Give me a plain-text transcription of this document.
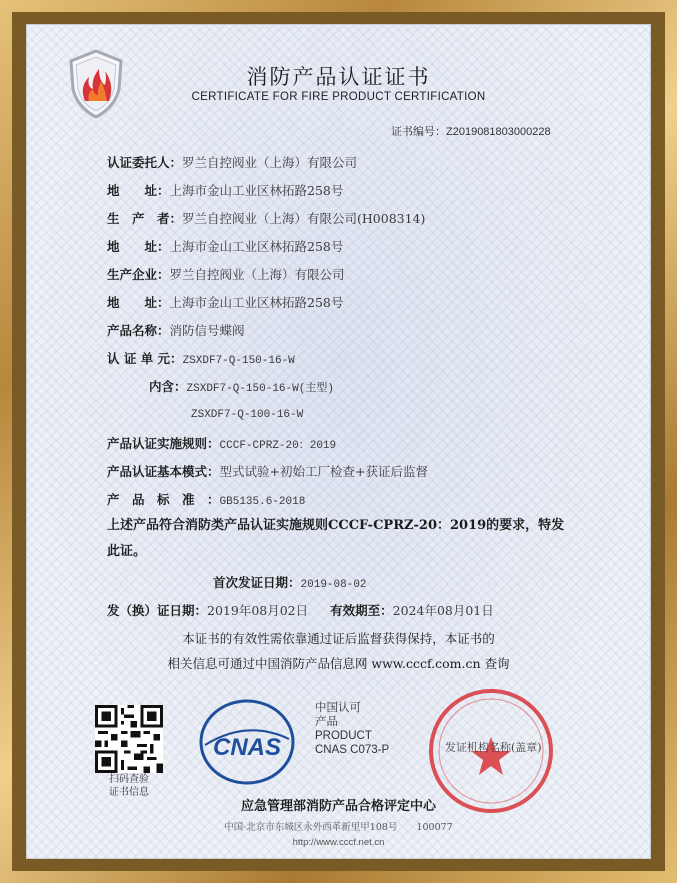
消防产品认证证书
CERTIFICATE FOR FIRE PRODUCT CERTIFICATION
证书编号：Z2019081803000228
认证委托人：罗兰自控阀业（上海）有限公司
地　　址：上海市金山工业区林拓路258号
生　产　者：罗兰自控阀业（上海）有限公司(H008314)
地　　址：上海市金山工业区林拓路258号
生产企业：罗兰自控阀业（上海）有限公司
地　　址：上海市金山工业区林拓路258号
产品名称：消防信号蝶阀
认 证 单 元：ZSXDF7-Q-150-16-W
内含：ZSXDF7-Q-150-16-W(主型)
ZSXDF7-Q-100-16-W
产品认证实施规则：CCCF-CPRZ-20：2019
产品认证基本模式：型式试验+初始工厂检查+获证后监督
产　品　标　准　：GB5135.6-2018
上述产品符合消防类产品认证实施规则CCCF-CPRZ-20：2019的要求，特发此证。
首次发证日期：2019-08-02
发（换）证日期：2019年08月02日 有效期至：2024年08月01日
本证书的有效性需依靠通过证后监督获得保持，本证书的
相关信息可通过中国消防产品信息网 www.cccf.com.cn 查询
扫码查验
证书信息
CNAS
中国认可
产品
PRODUCT
CNAS C073-P	发证机构名称(盖章)
应急管理部消防产品合格评定中心
中国·北京市东城区永外西革新里甲108号　　100077
http://www.cccf.net.cn
